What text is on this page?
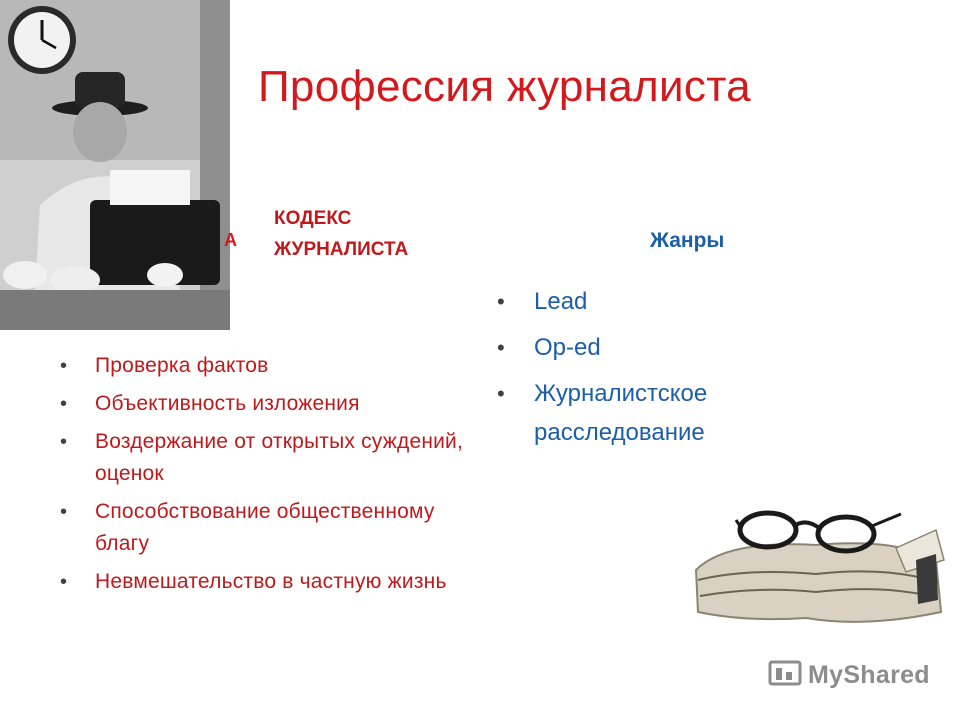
Профессия журналиста
А
КОДЕКС
ЖУРНАЛИСТА
• Проверка фактов
• Объективность изложения
• Воздержание от открытых суждений, оценок
• Способствование общественному благу
• Невмешательство в частную жизнь
Жанры
• Lead
• Op-ed
• Журналистское расследование
MyShared
